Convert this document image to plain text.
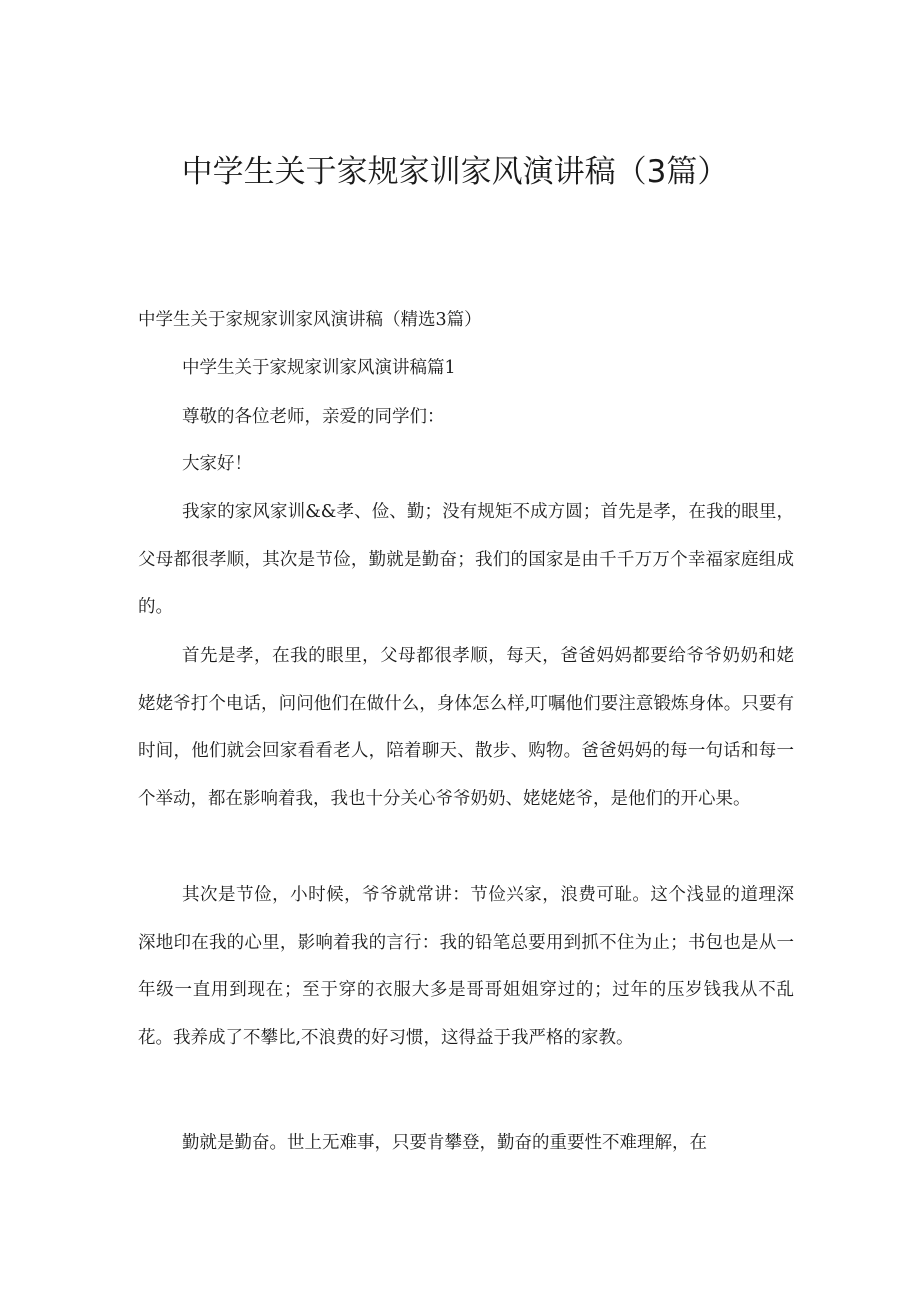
中学生关于家规家训家风演讲稿（3篇）
中学生关于家规家训家风演讲稿（精选3篇）
中学生关于家规家训家风演讲稿篇1
尊敬的各位老师，亲爱的同学们：
大家好！

我家的家风家训&&孝、俭、勤；没有规矩不成方圆；首先是孝，在我的眼里，父母都很孝顺，其次是节俭，勤就是勤奋；我们的国家是由千千万万个幸福家庭组成的。

首先是孝，在我的眼里，父母都很孝顺，每天，爸爸妈妈都要给爷爷奶奶和姥姥姥爷打个电话，问问他们在做什么，身体怎么样,叮嘱他们要注意锻炼身体。只要有时间，他们就会回家看看老人，陪着聊天、散步、购物。爸爸妈妈的每一句话和每一个举动，都在影响着我，我也十分关心爷爷奶奶、姥姥姥爷，是他们的开心果。

其次是节俭，小时候，爷爷就常讲：节俭兴家，浪费可耻。这个浅显的道理深深地印在我的心里，影响着我的言行：我的铅笔总要用到抓不住为止；书包也是从一年级一直用到现在；至于穿的衣服大多是哥哥姐姐穿过的；过年的压岁钱我从不乱花。我养成了不攀比,不浪费的好习惯，这得益于我严格的家教。

勤就是勤奋。世上无难事，只要肯攀登，勤奋的重要性不难理解，在
